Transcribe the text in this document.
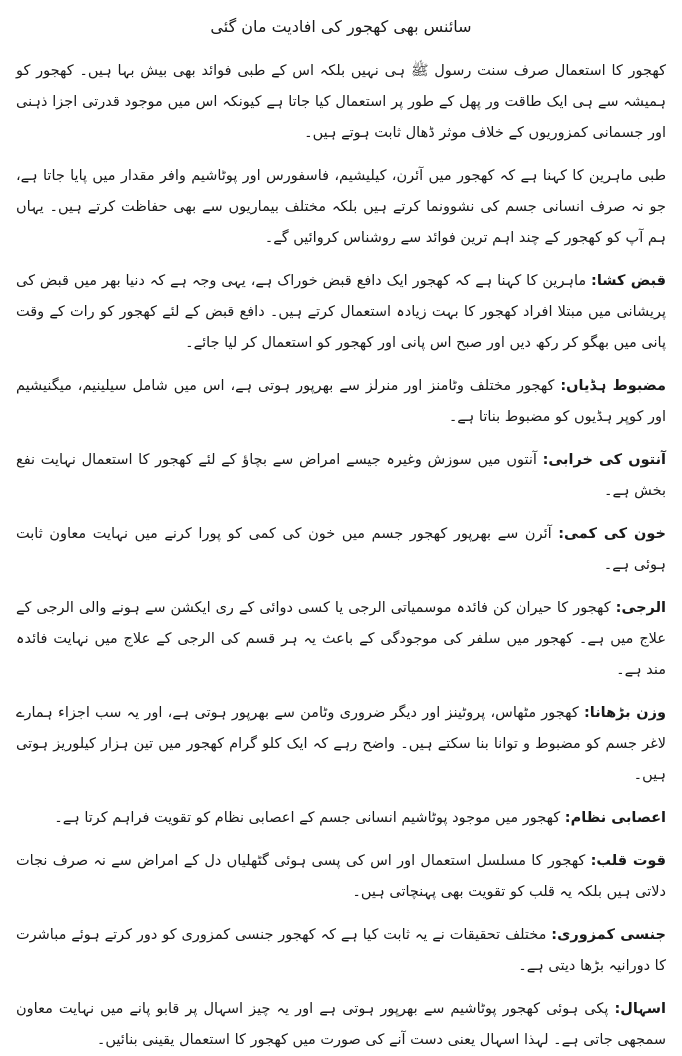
سائنس بھی کھجور کی افادیت مان گئی

کھجور کا استعمال صرف سنت رسول ﷺ ہی نہیں بلکہ اس کے طبی فوائد بھی بیش بہا ہیں۔ کھجور کو ہمیشہ سے ہی ایک طاقت ور پھل کے طور پر استعمال کیا جاتا ہے کیونکہ اس میں موجود قدرتی اجزا ذہنی اور جسمانی کمزوریوں کے خلاف موثر ڈھال ثابت ہوتے ہیں۔

طبی ماہرین کا کہنا ہے کہ کھجور میں آئرن، کیلیشیم، فاسفورس اور پوٹاشیم وافر مقدار میں پایا جاتا ہے، جو نہ صرف انسانی جسم کی نشوونما کرتے ہیں بلکہ مختلف بیماریوں سے بھی حفاظت کرتے ہیں۔ یہاں ہم آپ کو کھجور کے چند اہم ترین فوائد سے روشناس کروائیں گے۔

قبض کشا: ماہرین کا کہنا ہے کہ کھجور ایک دافع قبض خوراک ہے، یہی وجہ ہے کہ دنیا بھر میں قبض کی پریشانی میں مبتلا افراد کھجور کا بہت زیادہ استعمال کرتے ہیں۔ دافع قبض کے لئے کھجور کو رات کے وقت پانی میں بھگو کر رکھ دیں اور صبح اس پانی اور کھجور کو استعمال کر لیا جائے۔

مضبوط ہڈیاں: کھجور مختلف وٹامنز اور منرلز سے بھرپور ہوتی ہے، اس میں شامل سیلینیم، میگنیشیم اور کوپر ہڈیوں کو مضبوط بناتا ہے۔

آنتوں کی خرابی: آنتوں میں سوزش وغیرہ جیسے امراض سے بچاؤ کے لئے کھجور کا استعمال نہایت نفع بخش ہے۔

خون کی کمی: آئرن سے بھرپور کھجور جسم میں خون کی کمی کو پورا کرنے میں نہایت معاون ثابت ہوئی ہے۔

الرجی: کھجور کا حیران کن فائدہ موسمیاتی الرجی یا کسی دوائی کے ری ایکشن سے ہونے والی الرجی کے علاج میں ہے۔ کھجور میں سلفر کی موجودگی کے باعث یہ ہر قسم کی الرجی کے علاج میں نہایت فائدہ مند ہے۔

وزن بڑھانا: کھجور مٹھاس، پروٹینز اور دیگر ضروری وٹامن سے بھرپور ہوتی ہے، اور یہ سب اجزاء ہمارے لاغر جسم کو مضبوط و توانا بنا سکتے ہیں۔ واضح رہے کہ ایک کلو گرام کھجور میں تین ہزار کیلوریز ہوتی ہیں۔

اعصابی نظام: کھجور میں موجود پوٹاشیم انسانی جسم کے اعصابی نظام کو تقویت فراہم کرتا ہے۔

قوت قلب: کھجور کا مسلسل استعمال اور اس کی پسی ہوئی گٹھلیاں دل کے امراض سے نہ صرف نجات دلاتی ہیں بلکہ یہ قلب کو تقویت بھی پہنچاتی ہیں۔

جنسی کمزوری: مختلف تحقیقات نے یہ ثابت کیا ہے کہ کھجور جنسی کمزوری کو دور کرتے ہوئے مباشرت کا دورانیہ بڑھا دیتی ہے۔

اسہال: پکی ہوئی کھجور پوٹاشیم سے بھرپور ہوتی ہے اور یہ چیز اسہال پر قابو پانے میں نہایت معاون سمجھی جاتی ہے۔ لہذا اسہال یعنی دست آنے کی صورت میں کھجور کا استعمال یقینی بنائیں۔
